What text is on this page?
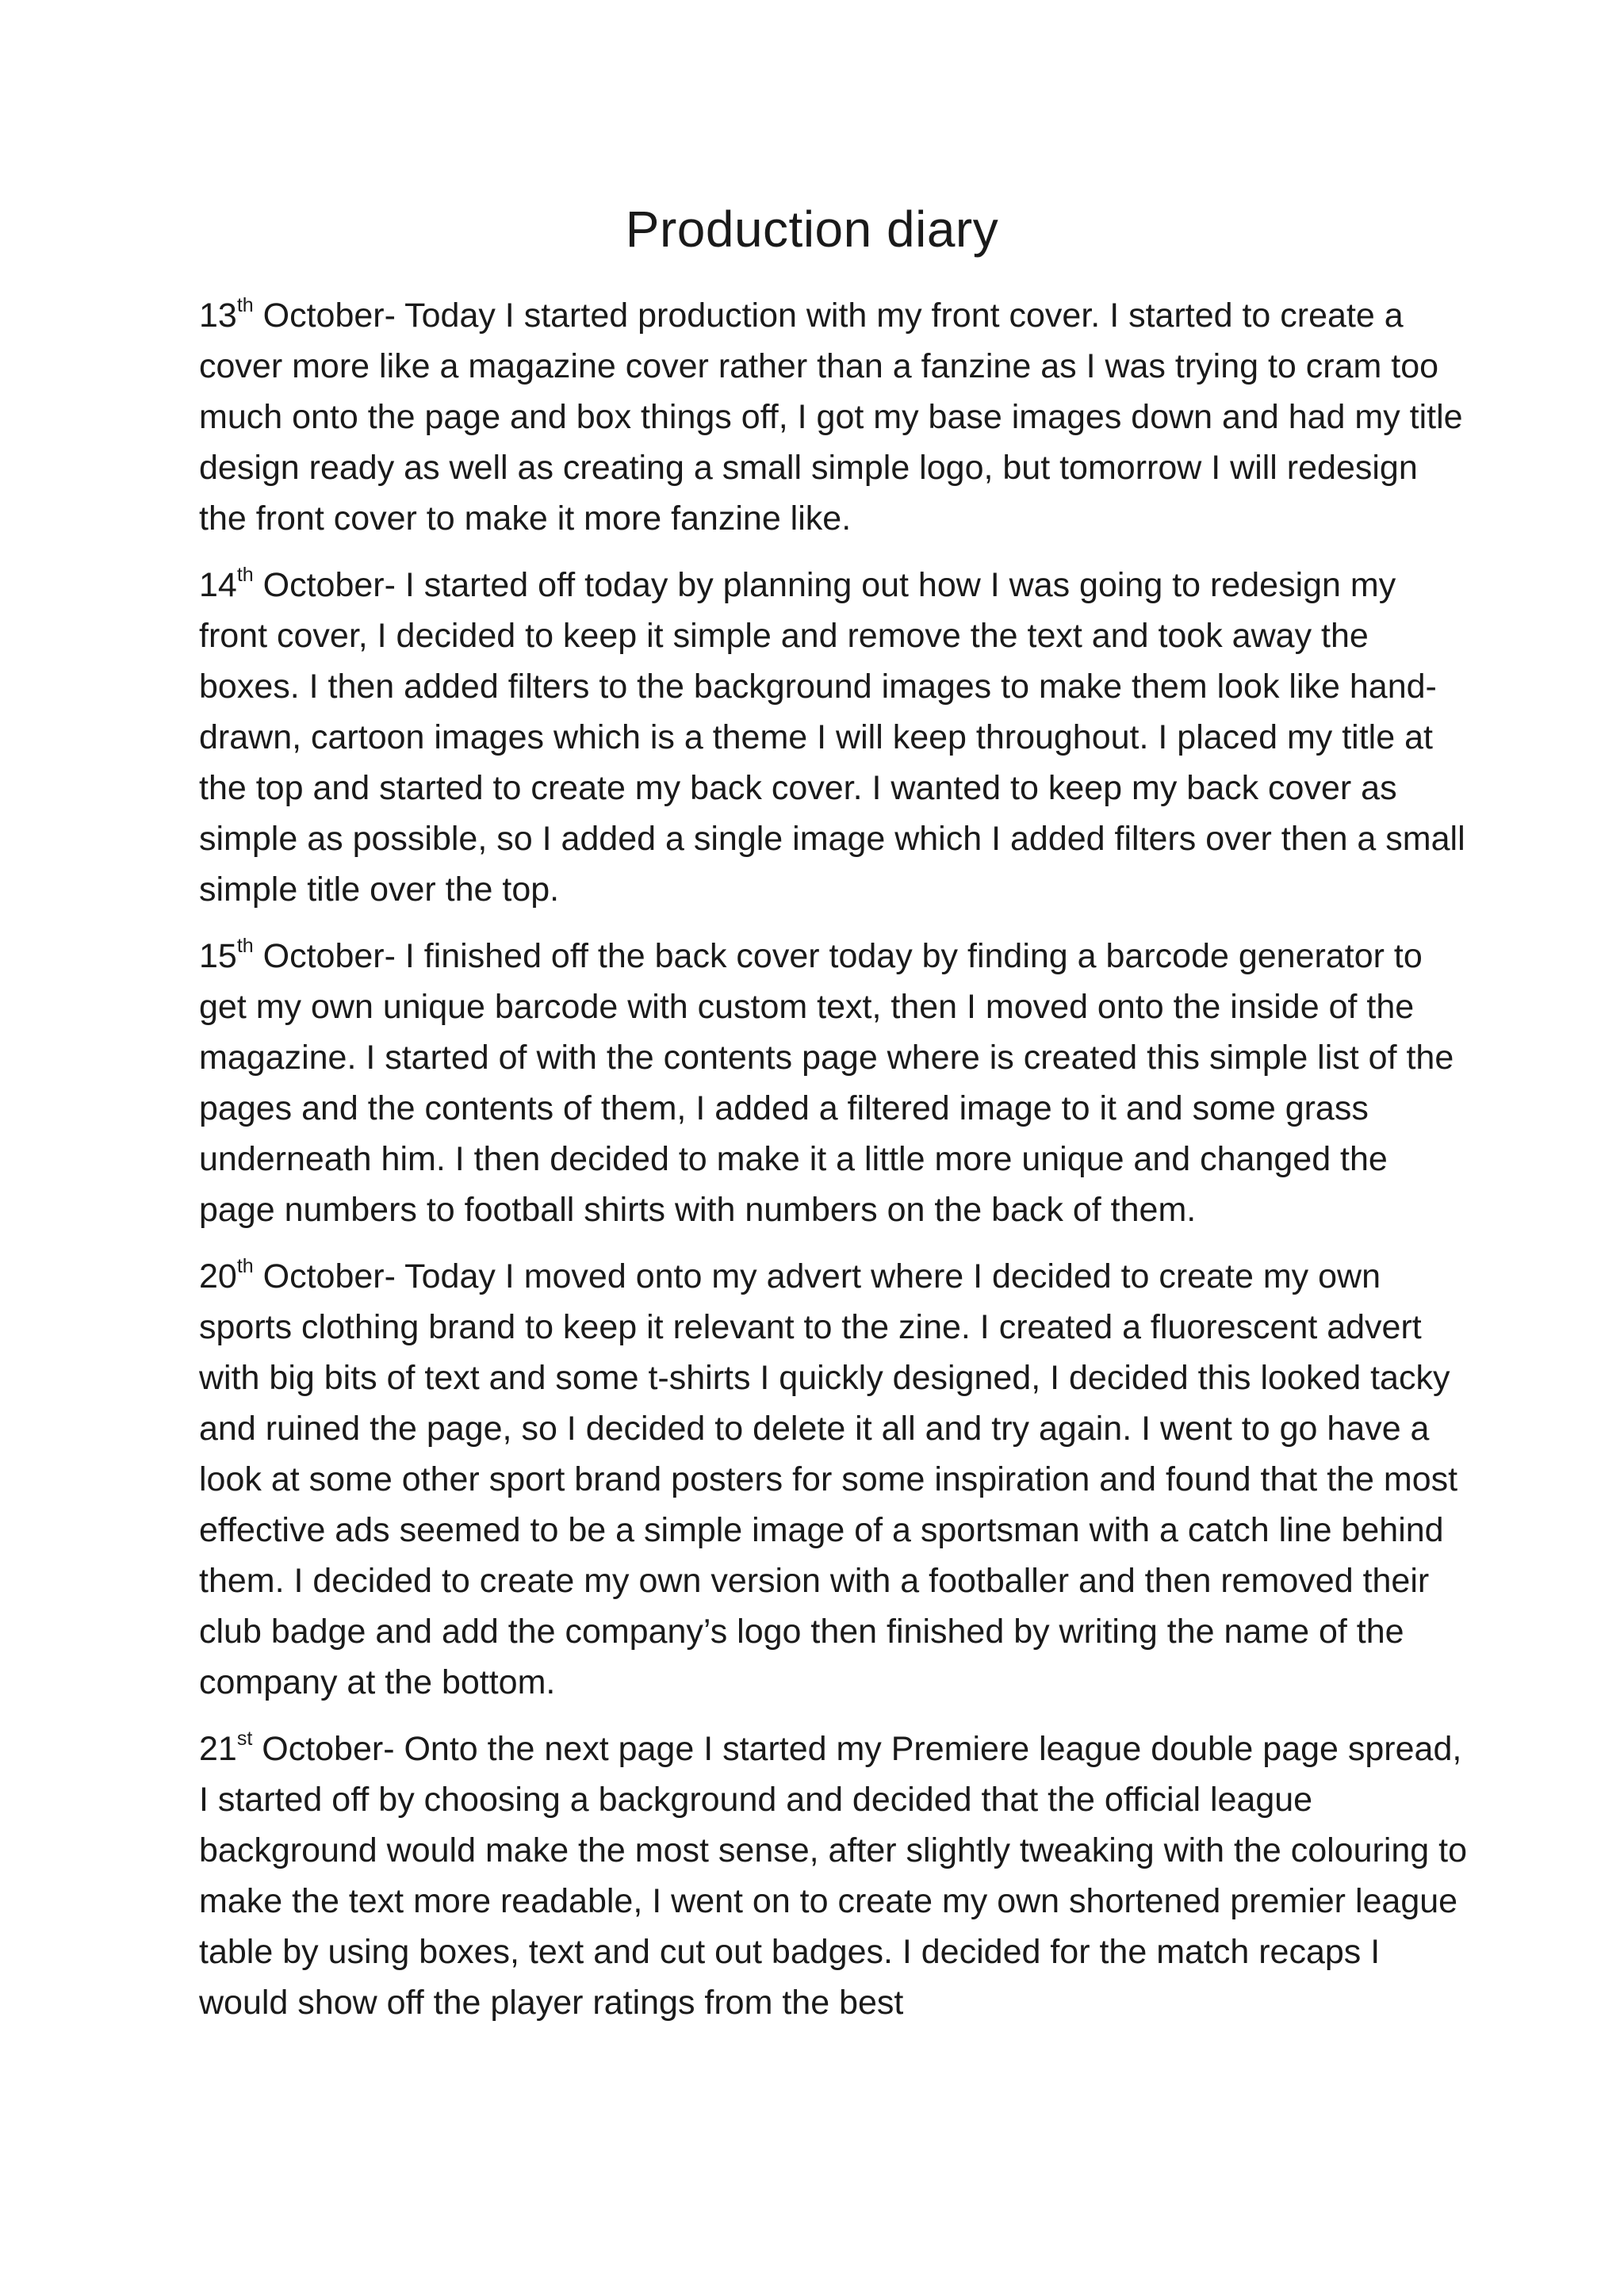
Production diary

13th October- Today I started production with my front cover. I started to create a cover more like a magazine cover rather than a fanzine as I was trying to cram too much onto the page and box things off, I got my base images down and had my title design ready as well as creating a small simple logo, but tomorrow I will redesign the front cover to make it more fanzine like.

14th October- I started off today by planning out how I was going to redesign my front cover, I decided to keep it simple and remove the text and took away the boxes. I then added filters to the background images to make them look like hand-drawn, cartoon images which is a theme I will keep throughout. I placed my title at the top and started to create my back cover. I wanted to keep my back cover as simple as possible, so I added a single image which I added filters over then a small simple title over the top.

15th October- I finished off the back cover today by finding a barcode generator to get my own unique barcode with custom text, then I moved onto the inside of the magazine. I started of with the contents page where is created this simple list of the pages and the contents of them, I added a filtered image to it and some grass underneath him. I then decided to make it a little more unique and changed the page numbers to football shirts with numbers on the back of them.

20th October- Today I moved onto my advert where I decided to create my own sports clothing brand to keep it relevant to the zine. I created a fluorescent advert with big bits of text and some t-shirts I quickly designed, I decided this looked tacky and ruined the page, so I decided to delete it all and try again. I went to go have a look at some other sport brand posters for some inspiration and found that the most effective ads seemed to be a simple image of a sportsman with a catch line behind them. I decided to create my own version with a footballer and then removed their club badge and add the company’s logo then finished by writing the name of the company at the bottom.

21st October- Onto the next page I started my Premiere league double page spread, I started off by choosing a background and decided that the official league background would make the most sense, after slightly tweaking with the colouring to make the text more readable, I went on to create my own shortened premier league table by using boxes, text and cut out badges. I decided for the match recaps I would show off the player ratings from the best
